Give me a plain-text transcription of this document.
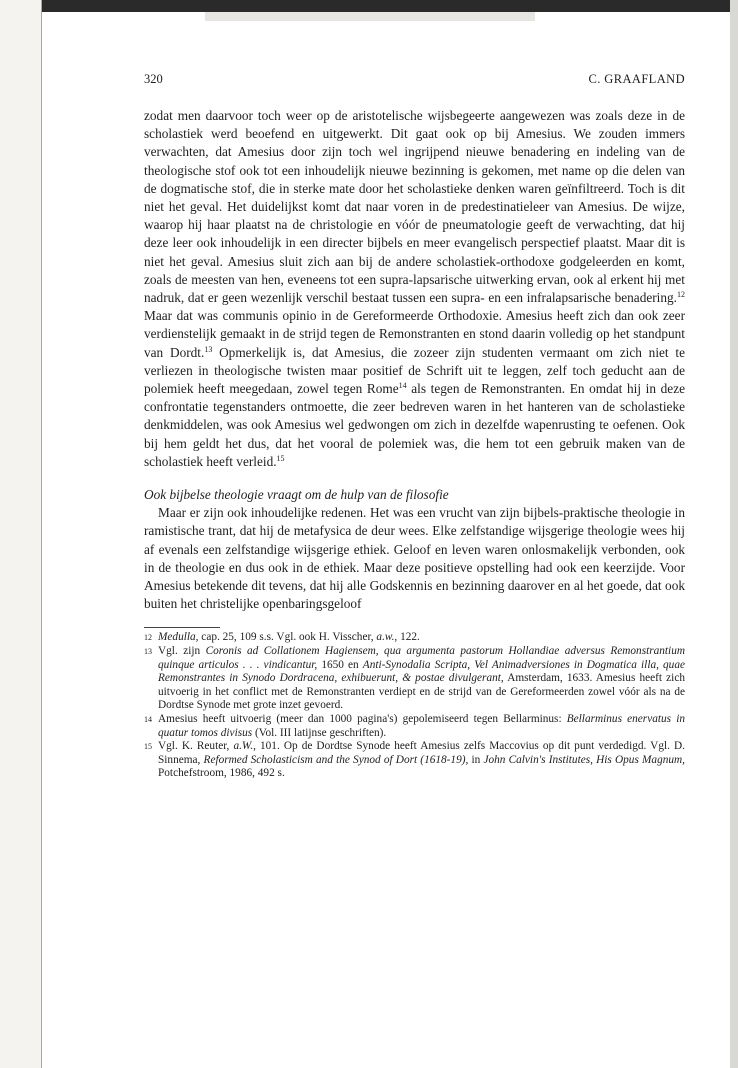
320	C. GRAAFLAND

zodat men daarvoor toch weer op de aristotelische wijsbegeerte aangewezen was zoals deze in de scholastiek werd beoefend en uitgewerkt. Dit gaat ook op bij Amesius. We zouden immers verwachten, dat Amesius door zijn toch wel ingrijpend nieuwe benadering en indeling van de theologische stof ook tot een inhoudelijk nieuwe bezinning is gekomen, met name op die delen van de dogmatische stof, die in sterke mate door het scholastieke denken waren geïnfiltreerd. Toch is dit niet het geval. Het duidelijkst komt dat naar voren in de predestinatieleer van Amesius. De wijze, waarop hij haar plaatst na de christologie en vóór de pneumatologie geeft de verwachting, dat hij deze leer ook inhoudelijk in een directer bijbels en meer evangelisch perspectief plaatst. Maar dit is niet het geval. Amesius sluit zich aan bij de andere scholastiek-orthodoxe godgeleerden en komt, zoals de meesten van hen, eveneens tot een supra-lapsarische uitwerking ervan, ook al erkent hij met nadruk, dat er geen wezenlijk verschil bestaat tussen een supra- en een infralapsarische benadering.$^{12}$ Maar dat was communis opinio in de Gereformeerde Orthodoxie. Amesius heeft zich dan ook zeer verdienstelijk gemaakt in de strijd tegen de Remonstranten en stond daarin volledig op het standpunt van Dordt.$^{13}$ Opmerkelijk is, dat Amesius, die zozeer zijn studenten vermaant om zich niet te verliezen in theologische twisten maar positief de Schrift uit te leggen, zelf toch geducht aan de polemiek heeft meegedaan, zowel tegen Rome$^{14}$ als tegen de Remonstranten. En omdat hij in deze confrontatie tegenstanders ontmoette, die zeer bedreven waren in het hanteren van de scholastieke denkmiddelen, was ook Amesius wel gedwongen om zich in dezelfde wapenrusting te oefenen. Ook bij hem geldt het dus, dat het vooral de polemiek was, die hem tot een gebruik maken van de scholastiek heeft verleid.$^{15}$

Ook bijbelse theologie vraagt om de hulp van de filosofie

Maar er zijn ook inhoudelijke redenen. Het was een vrucht van zijn bijbels-praktische theologie in ramistische trant, dat hij de metafysica de deur wees. Elke zelfstandige wijsgerige theologie wees hij af evenals een zelfstandige wijsgerige ethiek. Geloof en leven waren onlosmakelijk verbonden, ook in de theologie en dus ook in de ethiek. Maar deze positieve opstelling had ook een keerzijde. Voor Amesius betekende dit tevens, dat hij alle Godskennis en bezinning daarover en al het goede, dat ook buiten het christelijke openbaringsgeloof

12 Medulla, cap. 25, 109 s.s. Vgl. ook H. Visscher, a.w., 122.
13 Vgl. zijn Coronis ad Collationem Hagiensem, qua argumenta pastorum Hollandiae adversus Remonstrantium quinque articulos . . . vindicantur, 1650 en Anti-Synodalia Scripta, Vel Animadversiones in Dogmatica illa, quae Remonstrantes in Synodo Dordracena, exhibuerunt, & postae divulgerant, Amsterdam, 1633. Amesius heeft zich uitvoerig in het conflict met de Remonstranten verdiept en de strijd van de Gereformeerden zowel vóór als na de Dordtse Synode met grote inzet gevoerd.
14 Amesius heeft uitvoerig (meer dan 1000 pagina's) gepolemiseerd tegen Bellarminus: Bellarminus enervatus in quatur tomos divisus (Vol. III latijnse geschriften).
15 Vgl. K. Reuter, a.W., 101. Op de Dordtse Synode heeft Amesius zelfs Maccovius op dit punt verdedigd. Vgl. D. Sinnema, Reformed Scholasticism and the Synod of Dort (1618-19), in John Calvin's Institutes, His Opus Magnum, Potchefstroom, 1986, 492 s.
